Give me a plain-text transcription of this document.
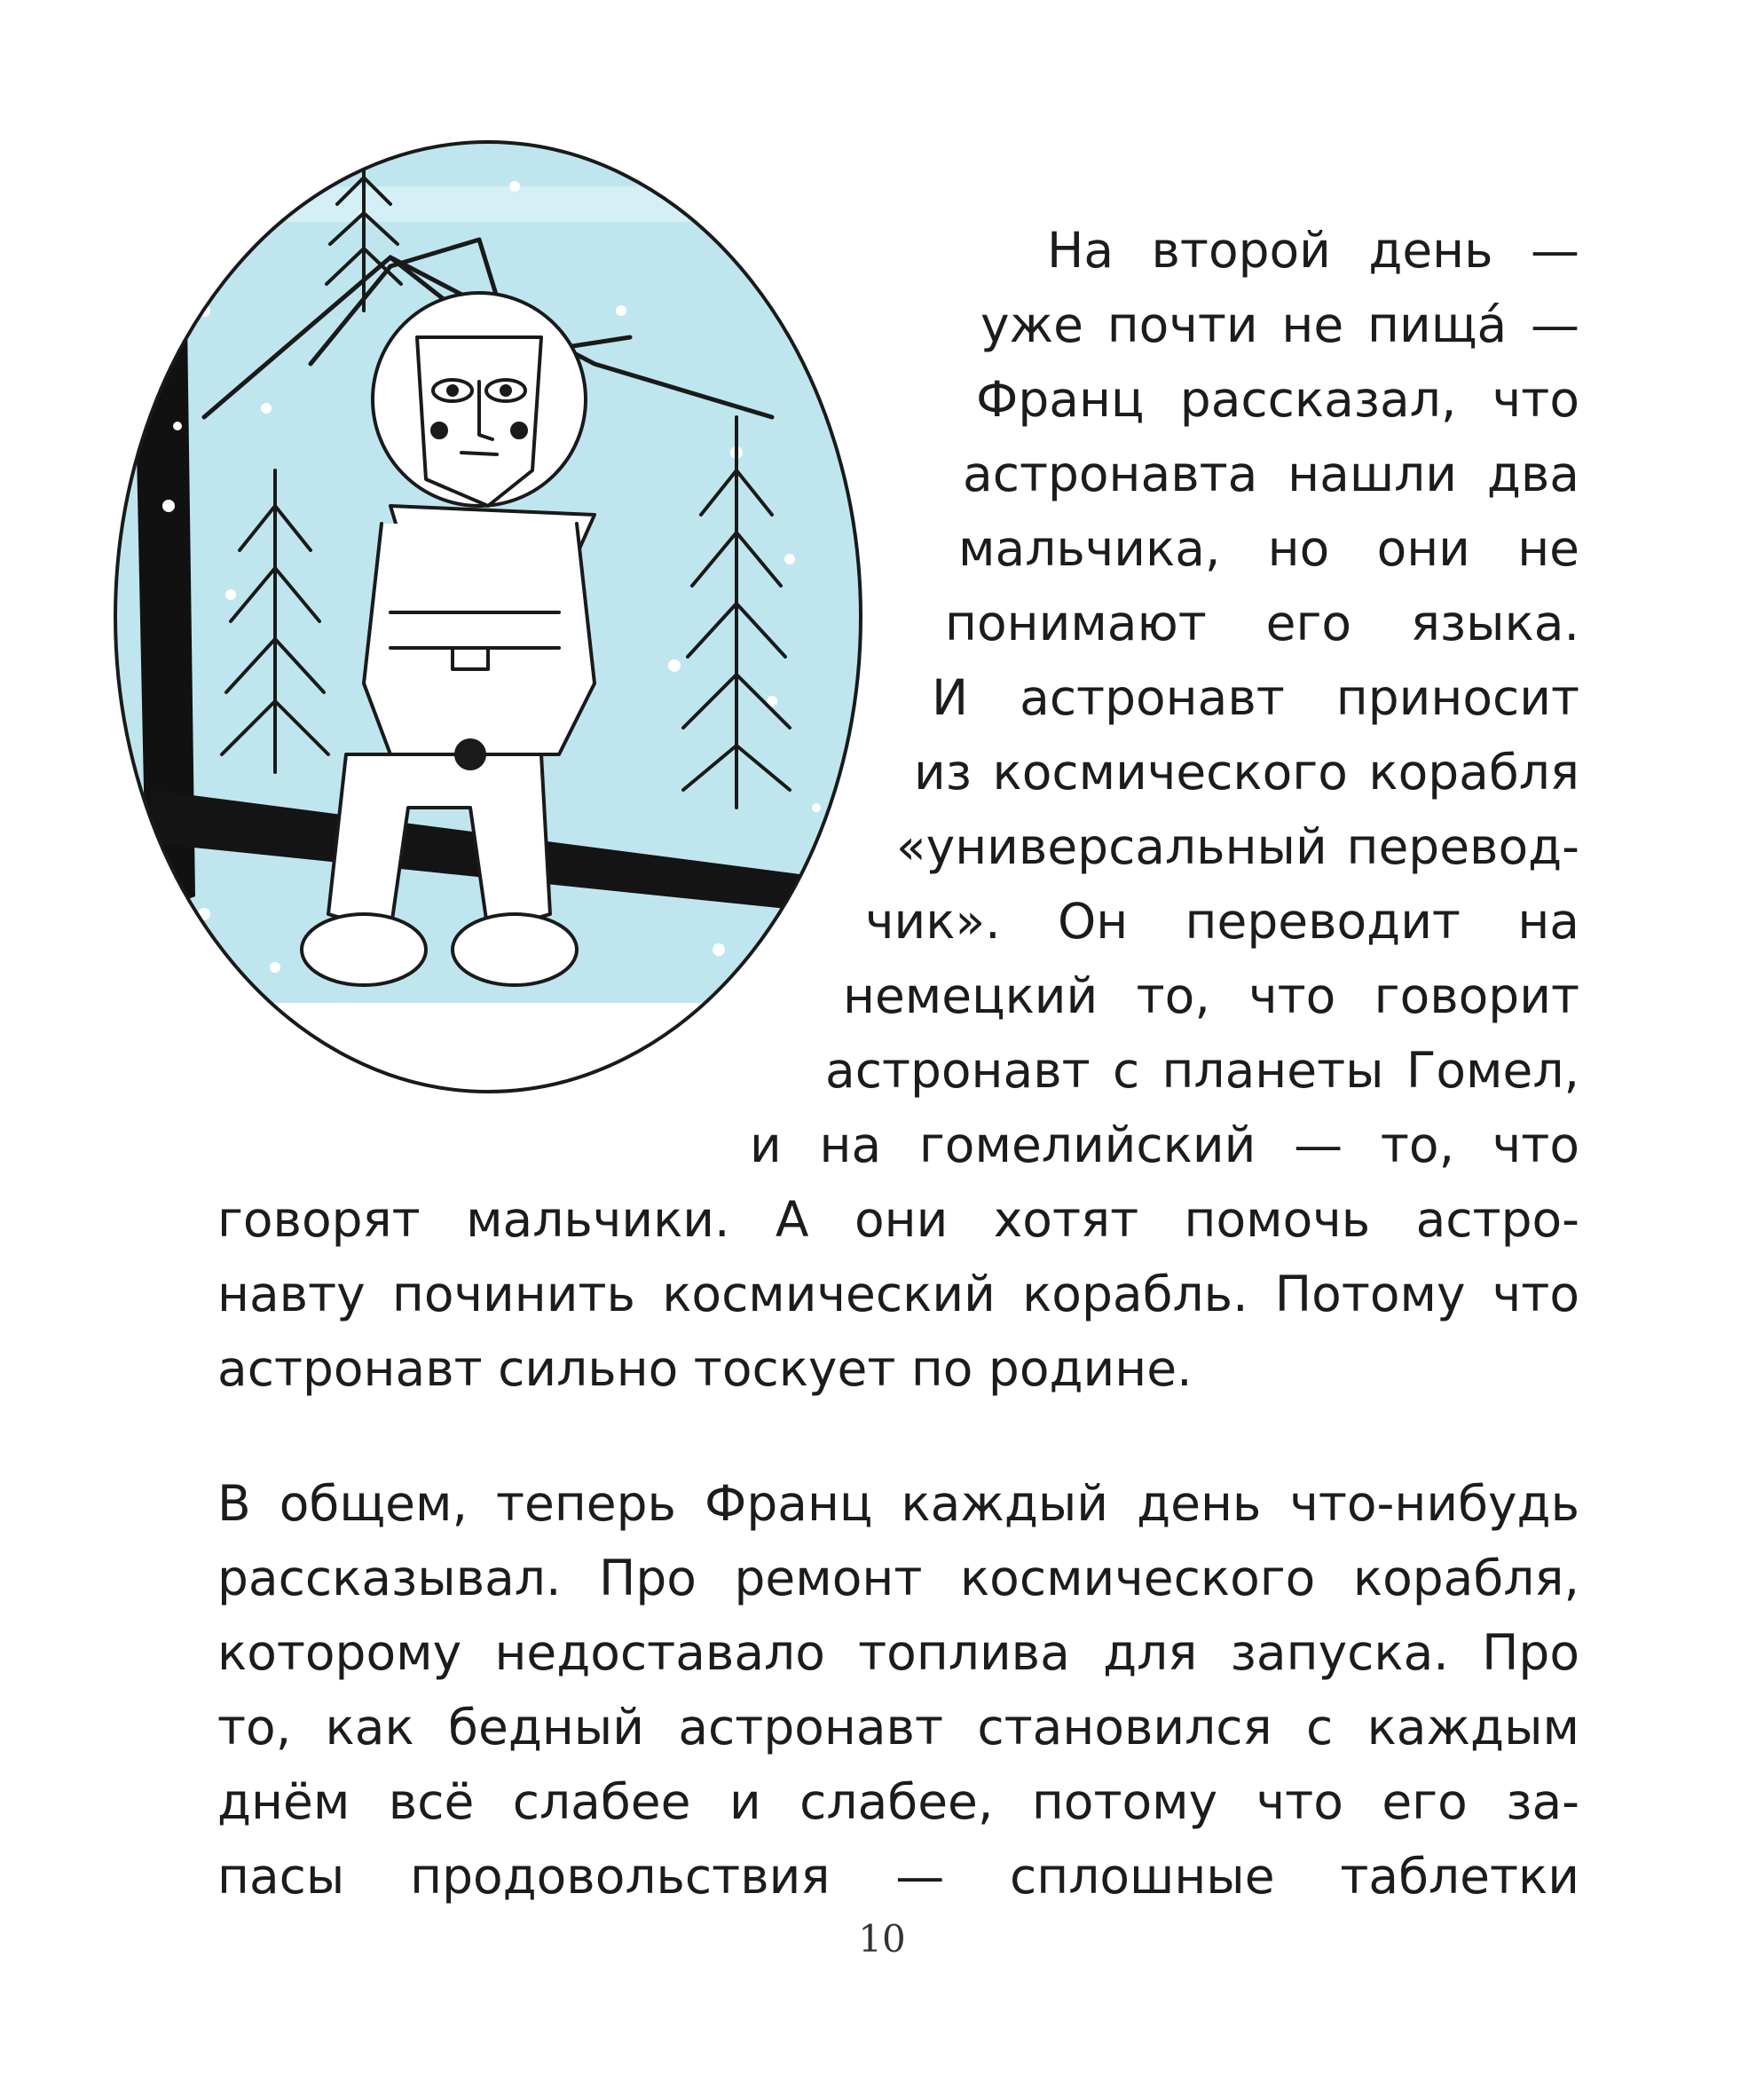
На второй день —
уже почти не пищá —
Франц рассказал, что
астронавта нашли два
мальчика, но они не
понимают его языка.
И астронавт приносит
из космического корабля
«универсальный перевод-
чик». Он переводит на
немецкий то, что говорит
астронавт с планеты Гомел,
и на гомелийский — то, что
говорят мальчики. А они хотят помочь астро-
навту починить космический корабль. Потому что
астронавт сильно тоскует по родине.
В общем, теперь Франц каждый день что-нибудь
рассказывал. Про ремонт космического корабля,
которому недоставало топлива для запуска. Про
то, как бедный астронавт становился с каждым
днём всё слабее и слабее, потому что его за-
пасы продовольствия — сплошные таблетки
10
